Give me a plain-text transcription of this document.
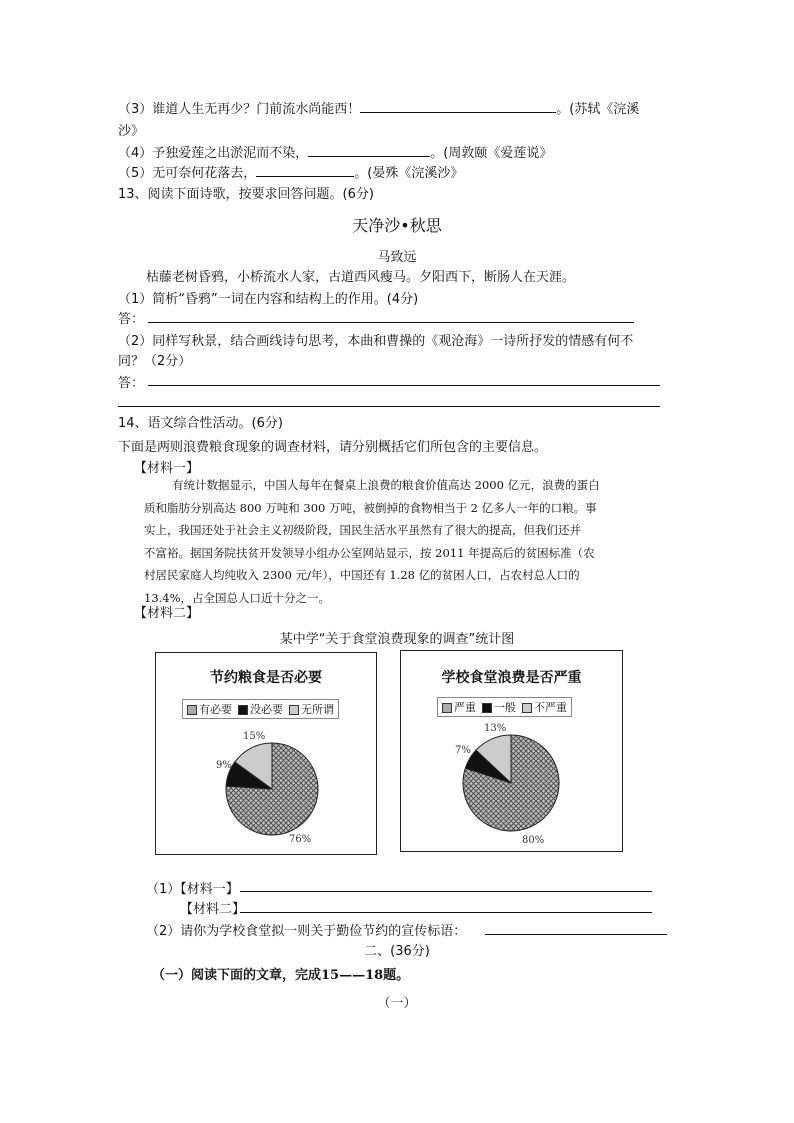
（3）谁道人生无再少？门前流水尚能西！	。(苏轼《浣溪
沙》
（4）予独爱莲之出淤泥而不染，	。(周敦颐《爱莲说》
（5）无可奈何花落去，	。(晏殊《浣溪沙》
13、阅读下面诗歌，按要求回答问题。(6分)
天净沙•秋思
马致远
枯藤老树昏鸦，小桥流水人家，古道西风瘦马。夕阳西下，断肠人在天涯。
（1）简析“昏鸦”一词在内容和结构上的作用。(4分)
答：
（2）同样写秋景，结合画线诗句思考，本曲和曹操的《观沧海》一诗所抒发的情感有何不
同？（2分）
答：
14、语文综合性活动。(6分)
下面是两则浪费粮食现象的调查材料，请分别概括它们所包含的主要信息。
【材料一】
有统计数据显示，中国人每年在餐桌上浪费的粮食价值高达 2000 亿元，浪费的蛋白
质和脂肪分别高达 800 万吨和 300 万吨，被倒掉的食物相当于 2 亿多人一年的口粮。事
实上，我国还处于社会主义初级阶段，国民生活水平虽然有了很大的提高，但我们还并
不富裕。据国务院扶贫开发领导小组办公室网站显示，按 2011 年提高后的贫困标准（农
村居民家庭人均纯收入 2300 元/年），中国还有 1.28 亿的贫困人口，占农村总人口的
13.4%，占全国总人口近十分之一。
【材料二】
某中学“关于食堂浪费现象的调查”统计图
节约粮食是否必要
有必要	没必要	无所谓
15%
9%
76%
学校食堂浪费是否严重
严重	一般	不严重
13%
7%
80%
（1）【材料一】
【材料二】
（2）请你为学校食堂拟一则关于勤俭节约的宣传标语：
二、(36分)
（一）阅读下面的文章，完成15——18题。
（一）
